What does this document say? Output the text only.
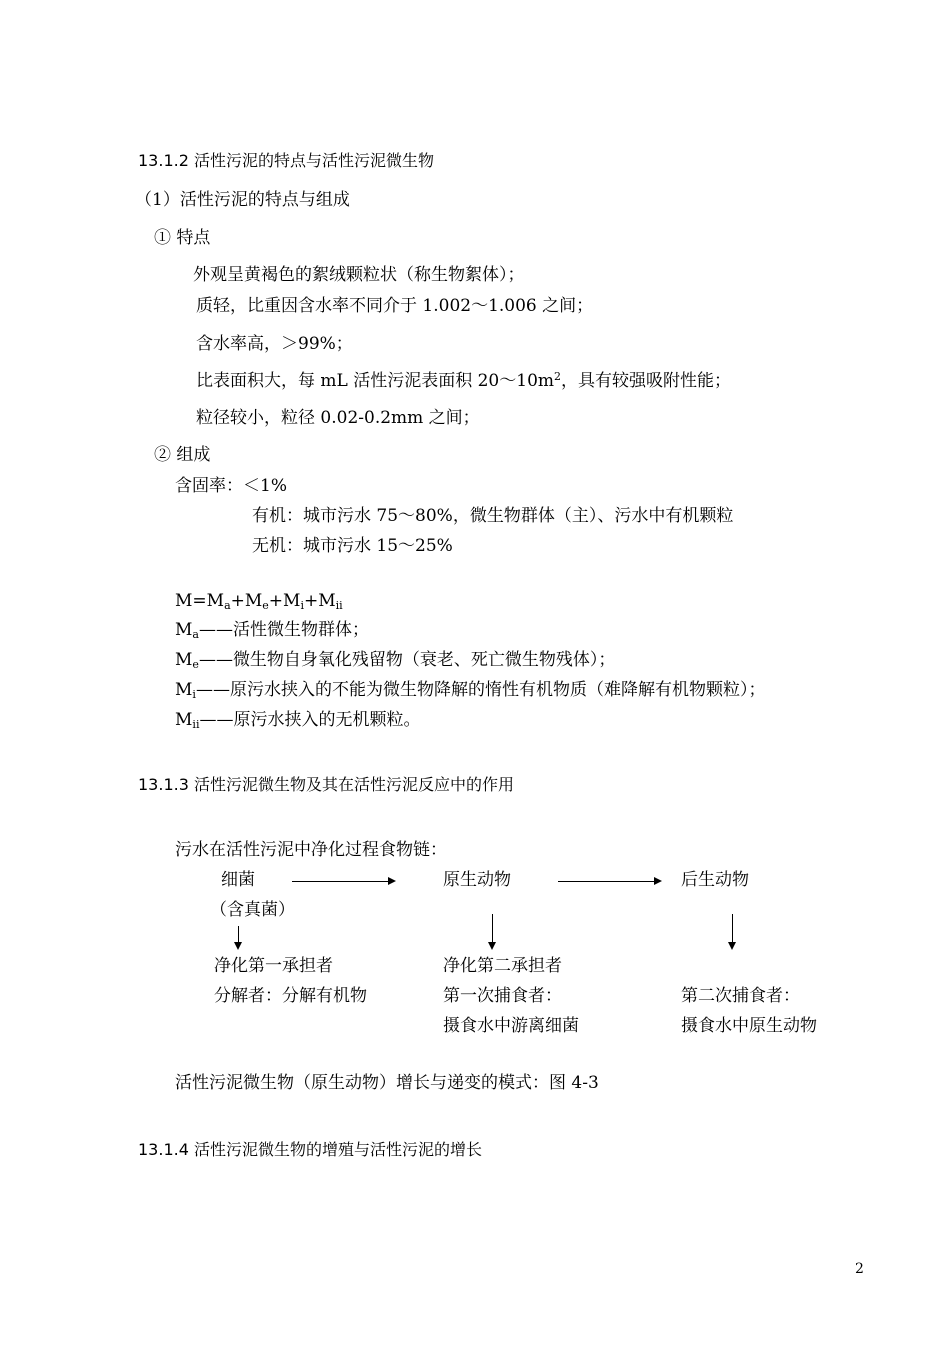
13.1.2 活性污泥的特点与活性污泥微生物
（1）活性污泥的特点与组成
① 特点
外观呈黄褐色的絮绒颗粒状（称生物絮体）；
质轻，比重因含水率不同介于 1.002～1.006 之间；
含水率高，＞99%；
比表面积大，每 mL 活性污泥表面积 $20\sim 10m^2$，具有较强吸附性能；
粒径较小，粒径 0.02-0.2mm 之间；
② 组成
含固率：＜1%
有机：城市污水 75～80%，微生物群体（主）、污水中有机颗粒
无机：城市污水 15～25%
$M=M_a+M_e+M_i+M_{ii}$
$M_a——$活性微生物群体；
$M_e——$微生物自身氧化残留物（衰老、死亡微生物残体）；
$M_i——$原污水挟入的不能为微生物降解的惰性有机物质（难降解有机物颗粒）；
$M_{ii}——$原污水挟入的无机颗粒。
13.1.3 活性污泥微生物及其在活性污泥反应中的作用
污水在活性污泥中净化过程食物链：
细菌	原生动物	后生动物
（含真菌）
净化第一承担者
分解者：分解有机物
净化第二承担者
第一次捕食者：
摄食水中游离细菌
第二次捕食者：
摄食水中原生动物
活性污泥微生物（原生动物）增长与递变的模式：图 4-3
13.1.4 活性污泥微生物的增殖与活性污泥的增长
2
